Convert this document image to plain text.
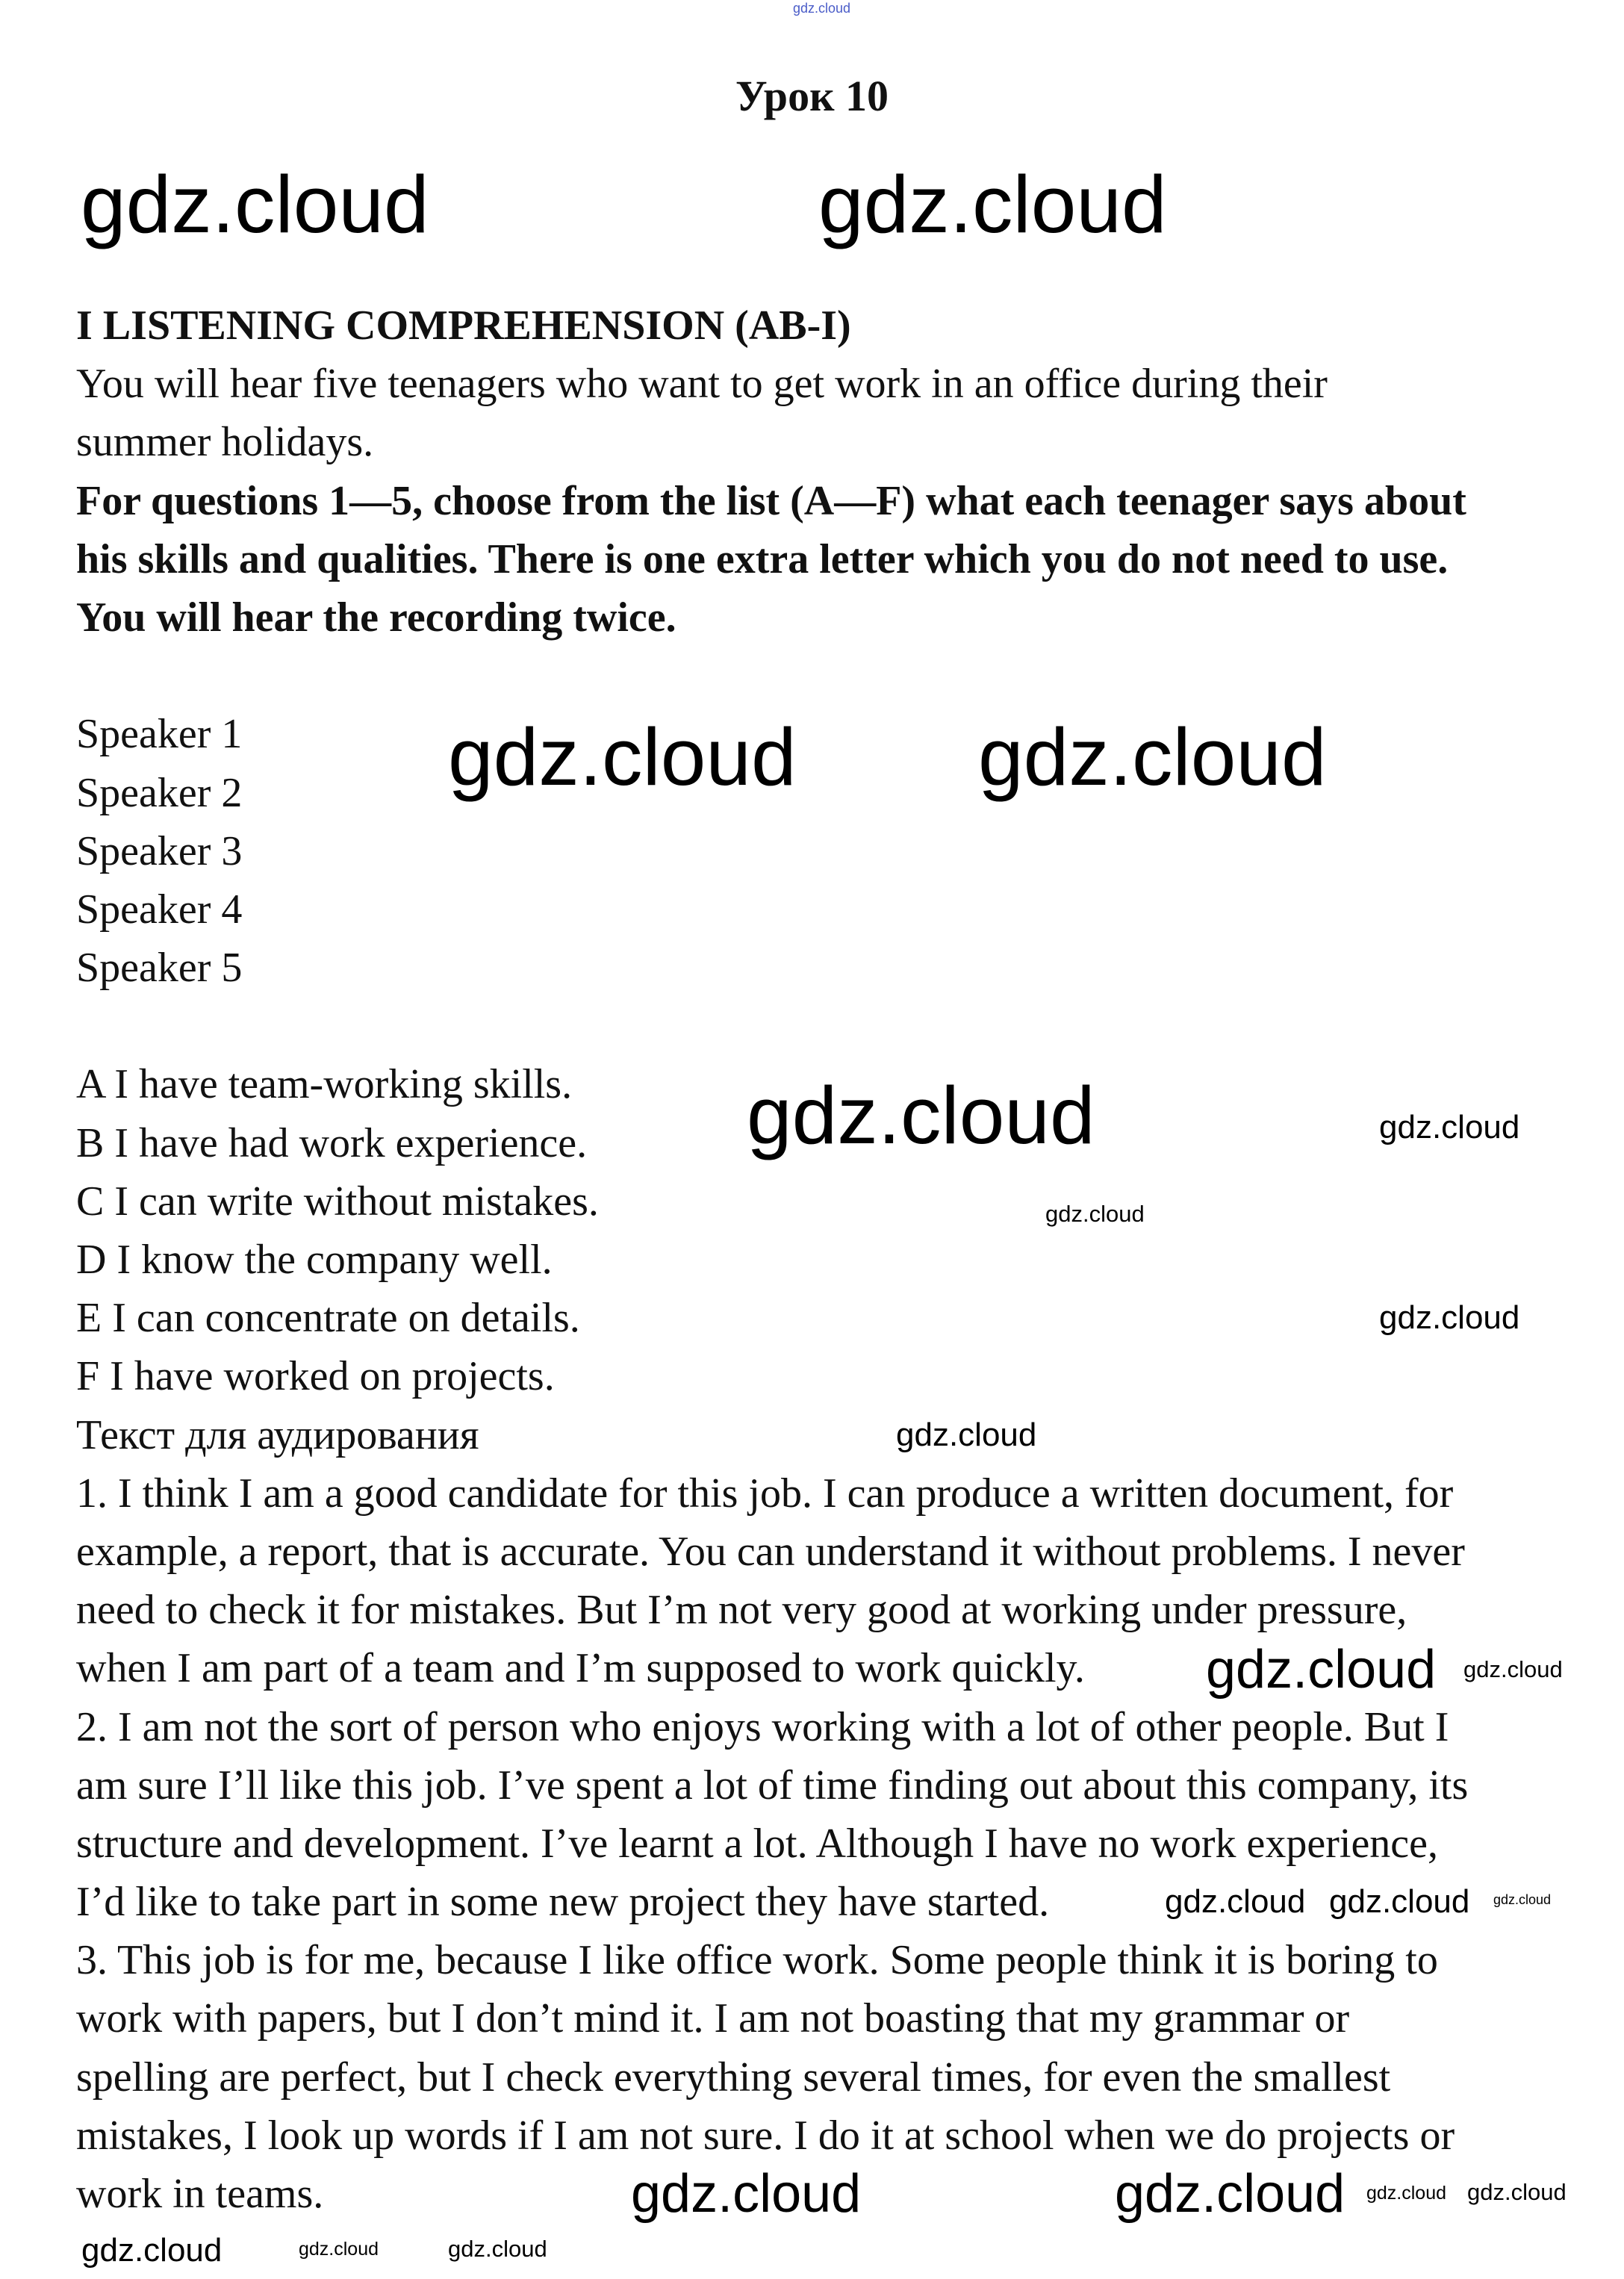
Урок 10
I LISTENING COMPREHENSION (AB-I)
You will hear five teenagers who want to get work in an office during their
summer holidays.
For questions 1—5, choose from the list (A—F) what each teenager says about
his skills and qualities. There is one extra letter which you do not need to use.
You will hear the recording twice.
Speaker 1
Speaker 2
Speaker 3
Speaker 4
Speaker 5
A I have team-working skills.
B I have had work experience.
C I can write without mistakes.
D I know the company well.
E I can concentrate on details.
F I have worked on projects.
Текст для аудирования
1. I think I am a good candidate for this job. I can produce a written document, for
example, a report, that is accurate. You can understand it without problems. I never
need to check it for mistakes. But I’m not very good at working under pressure,
when I am part of a team and I’m supposed to work quickly.
2. I am not the sort of person who enjoys working with a lot of other people. But I
am sure I’ll like this job. I’ve spent a lot of time finding out about this company, its
structure and development. I’ve learnt a lot. Although I have no work experience,
I’d like to take part in some new project they have started.
3. This job is for me, because I like office work. Some people think it is boring to
work with papers, but I don’t mind it. I am not boasting that my grammar or
spelling are perfect, but I check everything several times, for even the smallest
mistakes, I look up words if I am not sure. I do it at school when we do projects or
work in teams.
gdz.cloud
gdz.cloud	gdz.cloud
gdz.cloud gdz.cloud
gdz.cloud	gdz.cloud
gdz.cloud
gdz.cloud
gdz.cloud
gdz.cloud gdz.cloud
gdz.cloud gdz.cloud gdz.cloud
gdz.cloud	gdz.cloud gdz.cloud gdz.cloud
gdz.cloud	gdz.cloud	gdz.cloud
